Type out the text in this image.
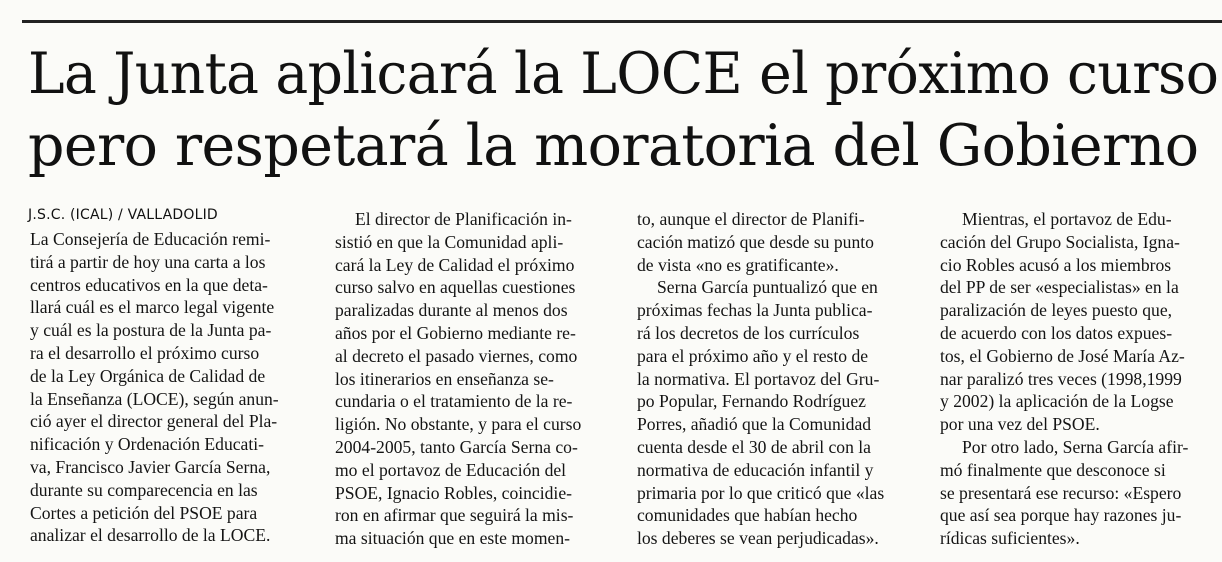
La Junta aplicará la LOCE el próximo curso
pero respetará la moratoria del Gobierno
J.S.C. (ICAL) / VALLADOLID

La Consejería de Educación remi-

tirá a partir de hoy una carta a los

centros educativos en la que deta-

llará cuál es el marco legal vigente

y cuál es la postura de la Junta pa-

ra el desarrollo el próximo curso

de la Ley Orgánica de Calidad de

la Enseñanza (LOCE), según anun-

ció ayer el director general del Pla-

nificación y Ordenación Educati-

va, Francisco Javier García Serna,

durante su comparecencia en las

Cortes a petición del PSOE para

analizar el desarrollo de la LOCE.

El director de Planificación in-

sistió en que la Comunidad apli-

cará la Ley de Calidad el próximo

curso salvo en aquellas cuestiones

paralizadas durante al menos dos

años por el Gobierno mediante re-

al decreto el pasado viernes, como

los itinerarios en enseñanza se-

cundaria o el tratamiento de la re-

ligión. No obstante, y para el curso

2004-2005, tanto García Serna co-

mo el portavoz de Educación del

PSOE, Ignacio Robles, coincidie-

ron en afirmar que seguirá la mis-

ma situación que en este momen-

to, aunque el director de Planifi-

cación matizó que desde su punto

de vista «no es gratificante».

Serna García puntualizó que en

próximas fechas la Junta publica-

rá los decretos de los currículos

para el próximo año y el resto de

la normativa. El portavoz del Gru-

po Popular, Fernando Rodríguez

Porres, añadió que la Comunidad

cuenta desde el 30 de abril con la

normativa de educación infantil y

primaria por lo que criticó que «las

comunidades que habían hecho

los deberes se vean perjudicadas».

Mientras, el portavoz de Edu-

cación del Grupo Socialista, Igna-

cio Robles acusó a los miembros

del PP de ser «especialistas» en la

paralización de leyes puesto que,

de acuerdo con los datos expues-

tos, el Gobierno de José María Az-

nar paralizó tres veces (1998,1999

y 2002) la aplicación de la Logse

por una vez del PSOE.

Por otro lado, Serna García afir-

mó finalmente que desconoce si

se presentará ese recurso: «Espero

que así sea porque hay razones ju-

rídicas suficientes».
